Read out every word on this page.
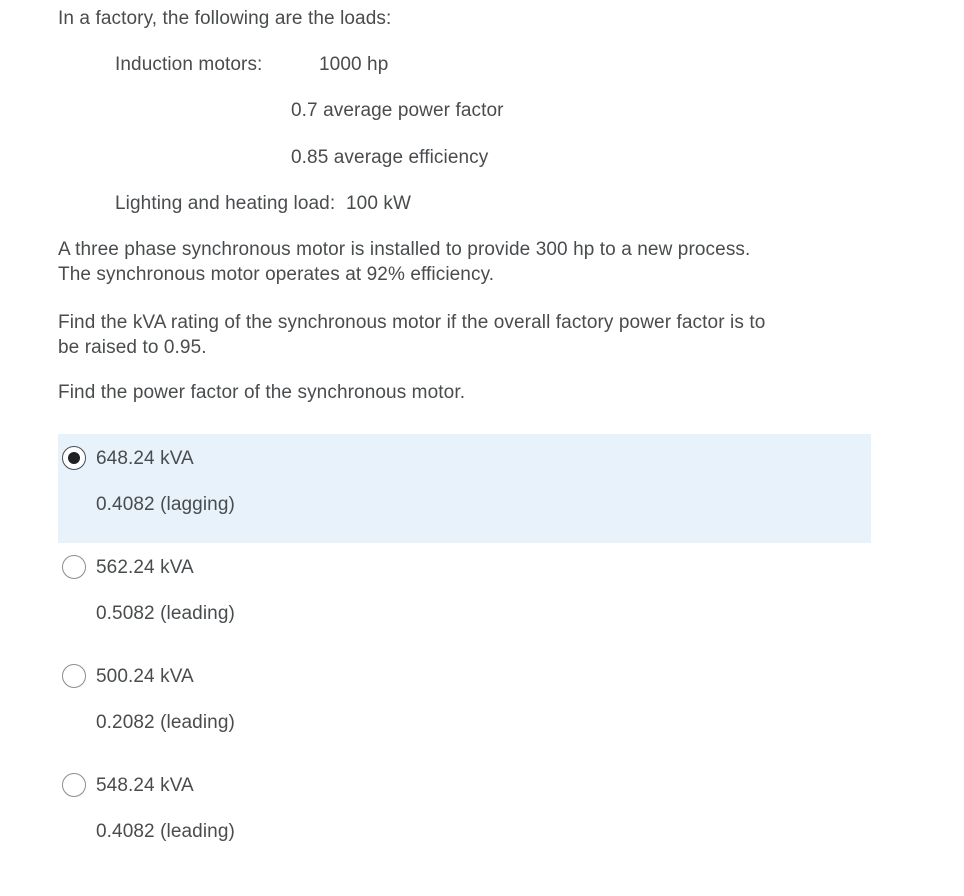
In a factory, the following are the loads:
Induction motors:	1000 hp
0.7 average power factor
0.85 average efficiency
Lighting and heating load:  100 kW
A three phase synchronous motor is installed to provide 300 hp to a new process.
The synchronous motor operates at 92% efficiency.
Find the kVA rating of the synchronous motor if the overall factory power factor is to
be raised to 0.95.
Find the power factor of the synchronous motor.
648.24 kVA
0.4082 (lagging)
562.24 kVA
0.5082 (leading)
500.24 kVA
0.2082 (leading)
548.24 kVA
0.4082 (leading)
